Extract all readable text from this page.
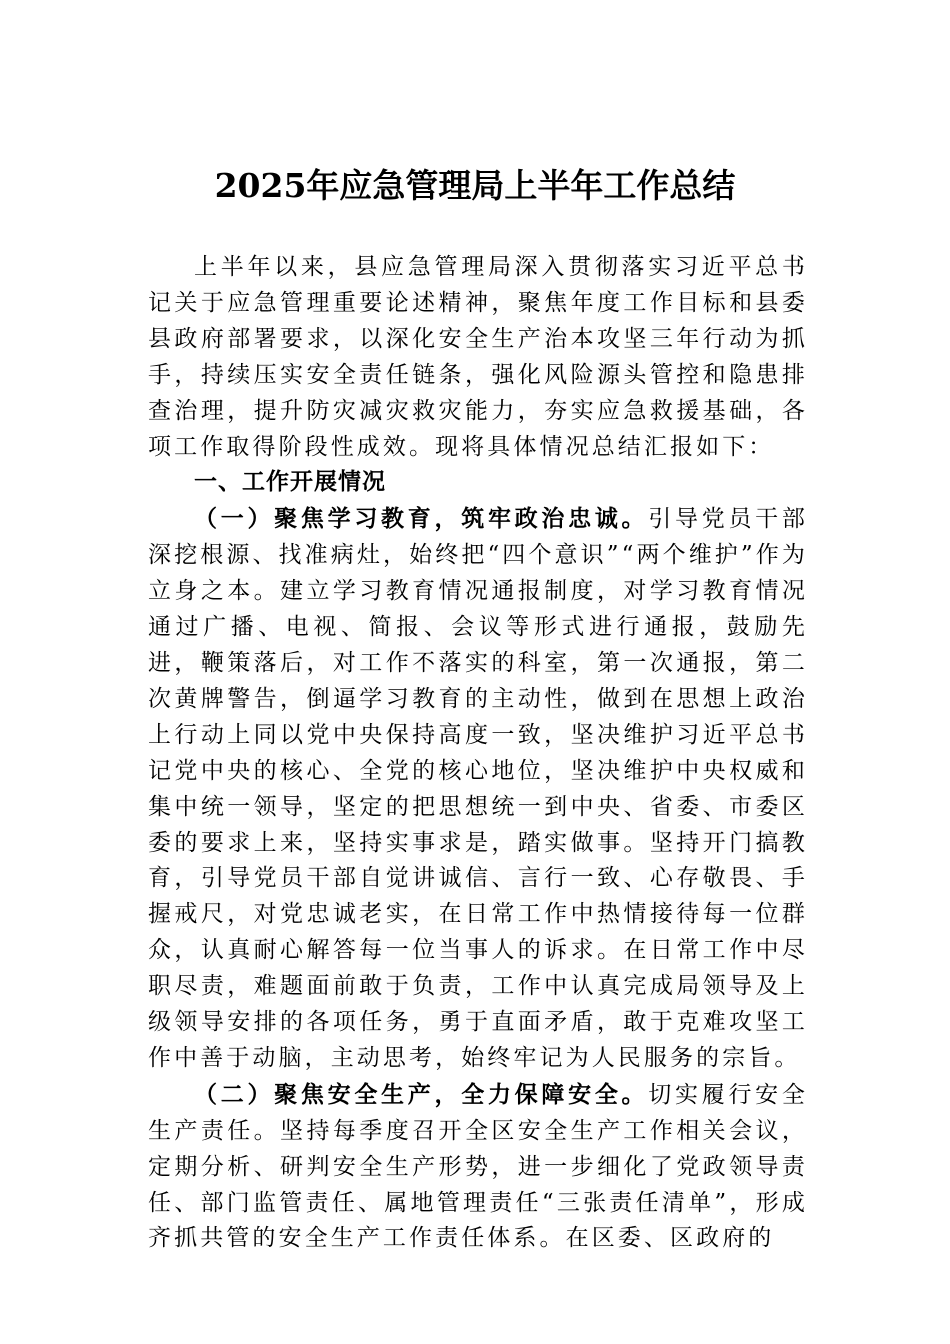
2025年应急管理局上半年工作总结

上半年以来，县应急管理局深入贯彻落实习近平总书记关于应急管理重要论述精神，聚焦年度工作目标和县委县政府部署要求，以深化安全生产治本攻坚三年行动为抓手，持续压实安全责任链条，强化风险源头管控和隐患排查治理，提升防灾减灾救灾能力，夯实应急救援基础，各项工作取得阶段性成效。现将具体情况总结汇报如下：

一、工作开展情况

（一）聚焦学习教育，筑牢政治忠诚。引导党员干部深挖根源、找准病灶，始终把“四个意识”“两个维护”作为立身之本。建立学习教育情况通报制度，对学习教育情况通过广播、电视、简报、会议等形式进行通报，鼓励先进，鞭策落后，对工作不落实的科室，第一次通报，第二次黄牌警告，倒逼学习教育的主动性，做到在思想上政治上行动上同以党中央保持高度一致，坚决维护习近平总书记党中央的核心、全党的核心地位，坚决维护中央权威和集中统一领导，坚定的把思想统一到中央、省委、市委区委的要求上来，坚持实事求是，踏实做事。坚持开门搞教育，引导党员干部自觉讲诚信、言行一致、心存敬畏、手握戒尺，对党忠诚老实，在日常工作中热情接待每一位群众，认真耐心解答每一位当事人的诉求。在日常工作中尽职尽责，难题面前敢于负责，工作中认真完成局领导及上级领导安排的各项任务，勇于直面矛盾，敢于克难攻坚工作中善于动脑，主动思考，始终牢记为人民服务的宗旨。

（二）聚焦安全生产，全力保障安全。切实履行安全生产责任。坚持每季度召开全区安全生产工作相关会议，定期分析、研判安全生产形势，进一步细化了党政领导责任、部门监管责任、属地管理责任“三张责任清单”，形成齐抓共管的安全生产工作责任体系。在区委、区政府的
